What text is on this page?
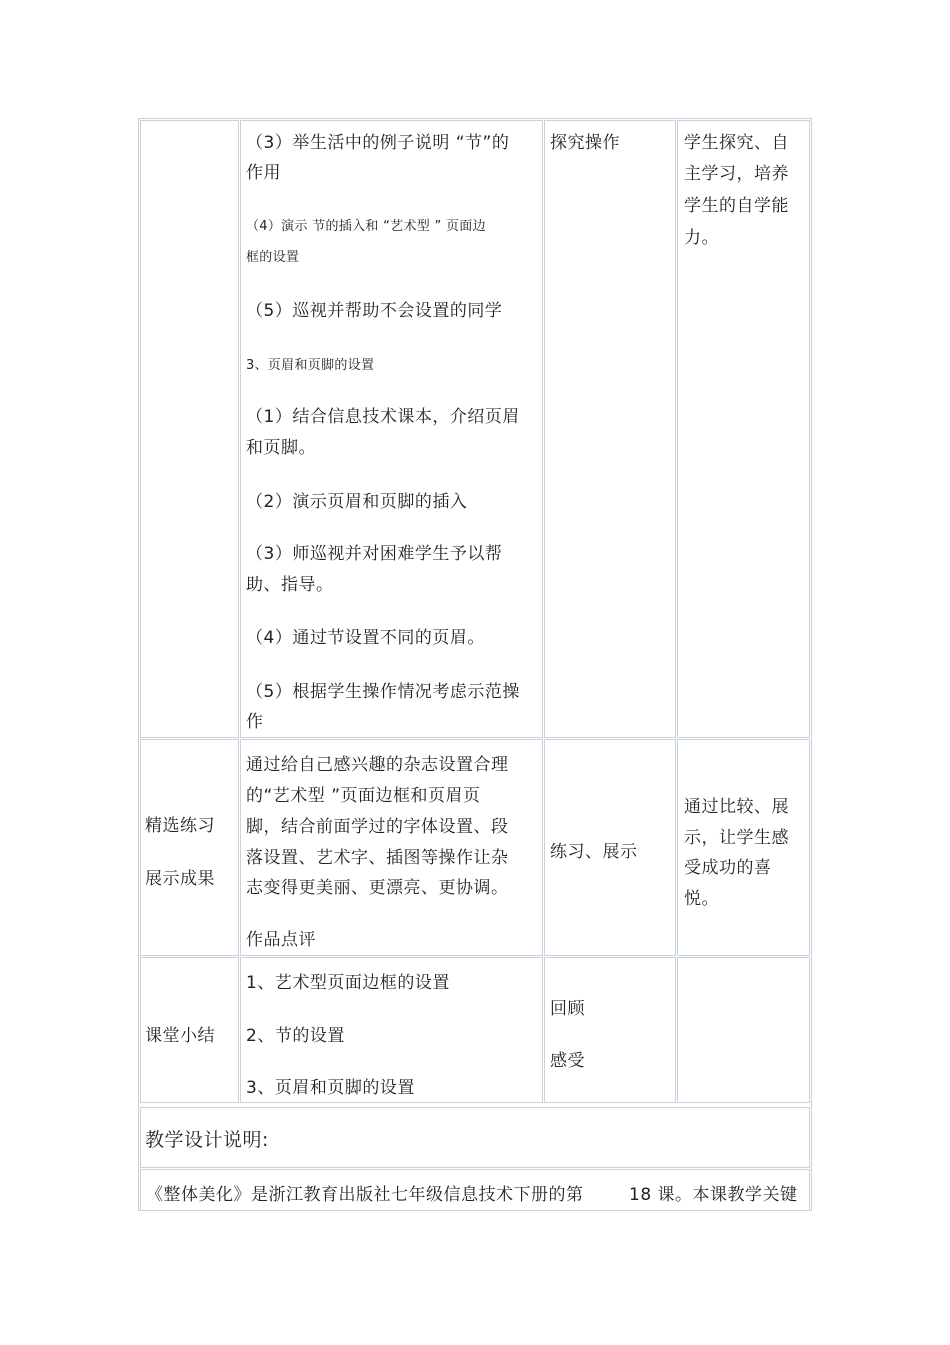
（3）举生活中的例子说明 “节”的
作用
（4）演示 节的插入和 “艺术型 ” 页面边
框的设置
（5）巡视并帮助不会设置的同学
3、页眉和页脚的设置
（1）结合信息技术课本，介绍页眉
和页脚。
（2）演示页眉和页脚的插入
（3）师巡视并对困难学生予以帮
助、指导。
（4）通过节设置不同的页眉。
（5）根据学生操作情况考虑示范操
作
探究操作	学生探究、自
主学习，培养
学生的自学能
力。
精选练习
展示成果
通过给自己感兴趣的杂志设置合理
的“艺术型 ”页面边框和页眉页
脚，结合前面学过的字体设置、段
落设置、艺术字、插图等操作让杂
志变得更美丽、更漂亮、更协调。
作品点评
练习、展示
通过比较、展
示，让学生感
受成功的喜
悦。
课堂小结
1、艺术型页面边框的设置
2、节的设置
3、页眉和页脚的设置
回顾
感受
教学设计说明:
《整体美化》是浙江教育出版社七年级信息技术下册的第	18 课。本课教学关键
